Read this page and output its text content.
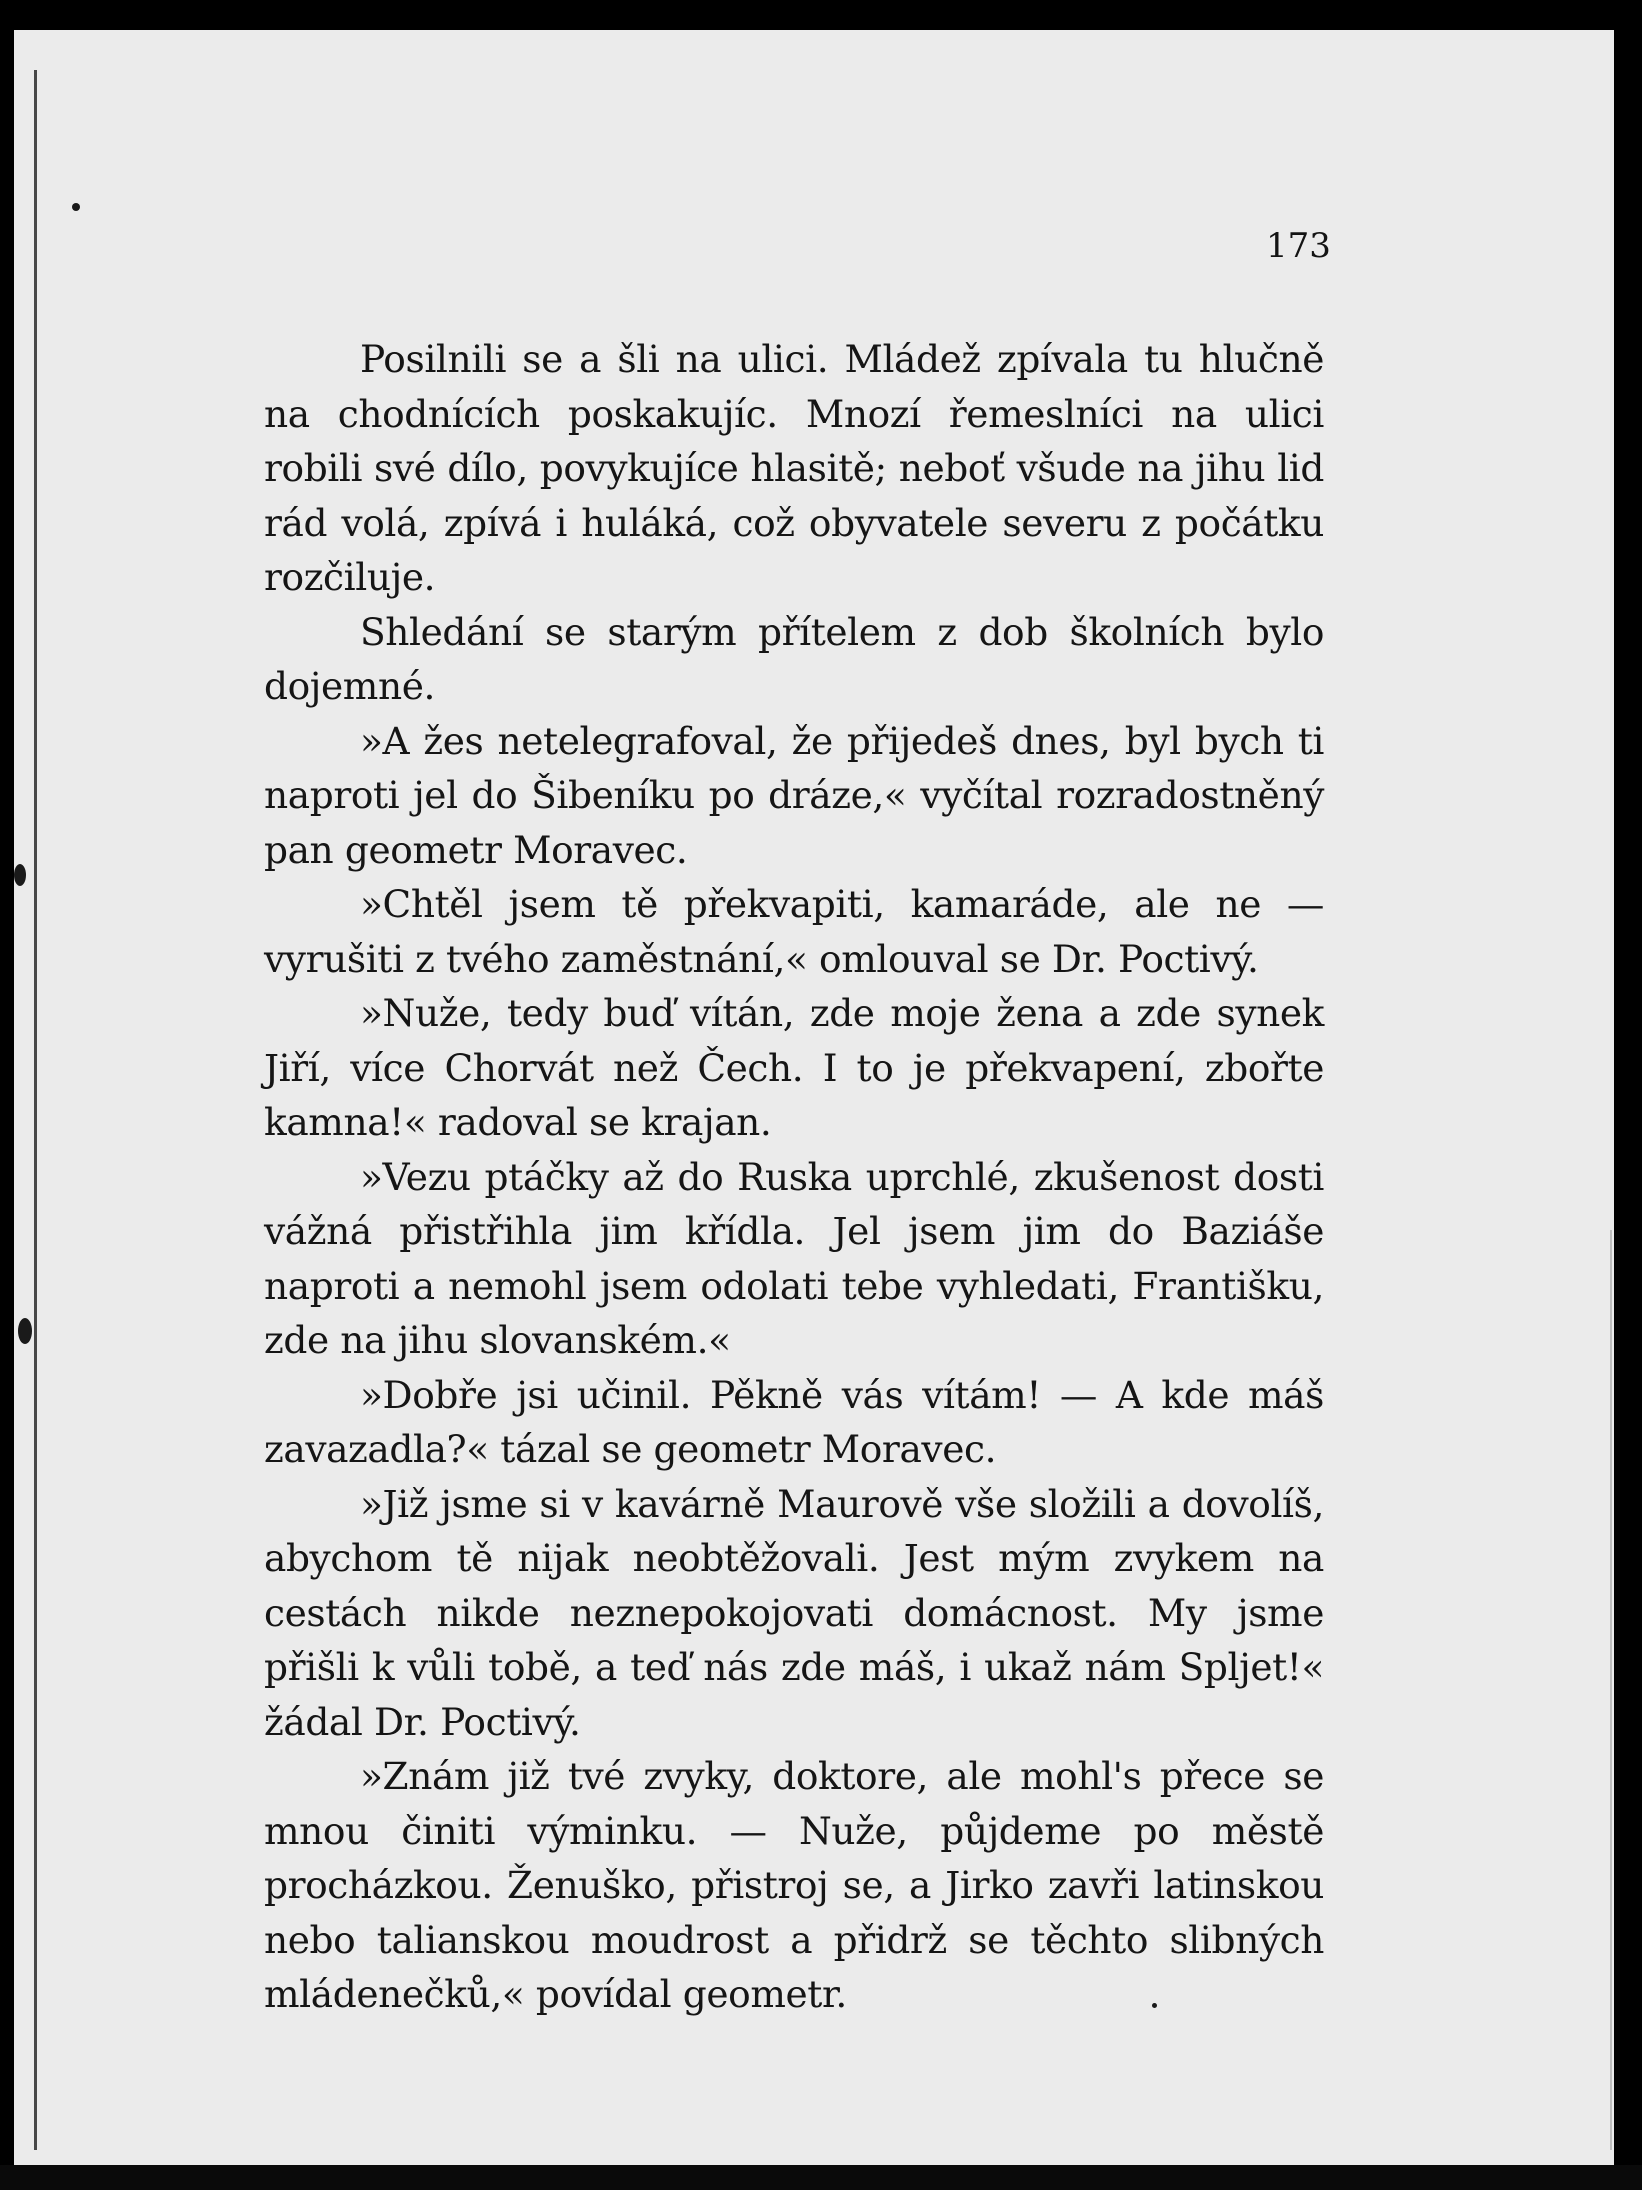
173

Posilnili se a šli na ulici. Mládež zpívala tu hlučně na chodnících poskakujíc. Mnozí řemeslníci na ulici robili své dílo, povykujíce hlasitě; neboť všude na jihu lid rád volá, zpívá i huláká, což obyvatele severu z počátku rozčiluje.

Shledání se starým přítelem z dob školních bylo dojemné.

»A žes netelegrafoval, že přijedeš dnes, byl bych ti naproti jel do Šibeníku po dráze,« vyčítal rozradostněný pan geometr Moravec.

»Chtěl jsem tě překvapiti, kamaráde, ale ne — vyrušiti z tvého zaměstnání,« omlouval se Dr. Poctivý.

»Nuže, tedy buď vítán, zde moje žena a zde synek Jiří, více Chorvát než Čech. I to je překvapení, zbořte kamna!« radoval se krajan.

»Vezu ptáčky až do Ruska uprchlé, zkušenost dosti vážná přistřihla jim křídla. Jel jsem jim do Baziáše naproti a nemohl jsem odolati tebe vyhledati, Františku, zde na jihu slovanském.«

»Dobře jsi učinil. Pěkně vás vítám! — A kde máš zavazadla?« tázal se geometr Moravec.

»Již jsme si v kavárně Maurově vše složili a dovolíš, abychom tě nijak neobtěžovali. Jest mým zvykem na cestách nikde neznepokojovati domácnost. My jsme přišli k vůli tobě, a teď nás zde máš, i ukaž nám Spljet!« žádal Dr. Poctivý.

»Znám již tvé zvyky, doktore, ale mohl's přece se mnou činiti výminku. — Nuže, půjdeme po městě procházkou. Ženuško, přistroj se, a Jirko zavři latinskou nebo talianskou moudrost a přidrž se těchto slibných mládenečků,« povídal geometr.
